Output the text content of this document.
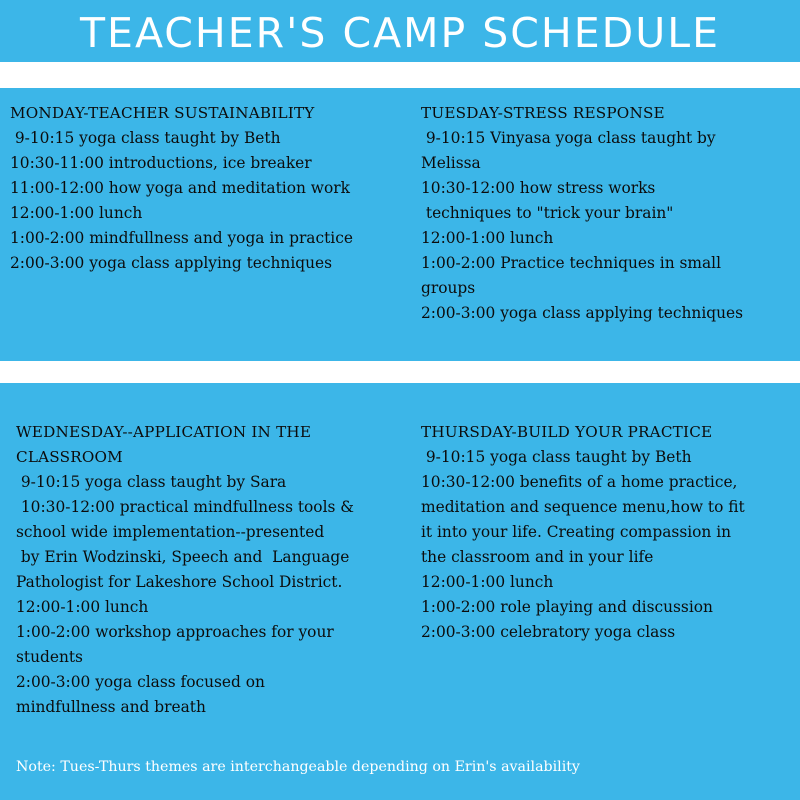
TEACHER'S CAMP SCHEDULE
MONDAY-TEACHER SUSTAINABILITY
9-10:15 yoga class taught by Beth
10:30-11:00 introductions, ice breaker
11:00-12:00 how yoga and meditation work
12:00-1:00 lunch
1:00-2:00 mindfullness and yoga in practice
2:00-3:00 yoga class applying techniques
TUESDAY-STRESS RESPONSE
9-10:15 Vinyasa yoga class taught by
Melissa
10:30-12:00 how stress works
techniques to "trick your brain"
12:00-1:00 lunch
1:00-2:00 Practice techniques in small
groups
2:00-3:00 yoga class applying techniques
WEDNESDAY--APPLICATION IN THE
CLASSROOM
9-10:15 yoga class taught by Sara
10:30-12:00 practical mindfullness tools &
school wide implementation--presented
by Erin Wodzinski, Speech and  Language
Pathologist for Lakeshore School District.
12:00-1:00 lunch
1:00-2:00 workshop approaches for your
students
2:00-3:00 yoga class focused on
mindfullness and breath
THURSDAY-BUILD YOUR PRACTICE
9-10:15 yoga class taught by Beth
10:30-12:00 benefits of a home practice,
meditation and sequence menu,how to fit
it into your life. Creating compassion in
the classroom and in your life
12:00-1:00 lunch
1:00-2:00 role playing and discussion
2:00-3:00 celebratory yoga class
Note: Tues-Thurs themes are interchangeable depending on Erin's availability
